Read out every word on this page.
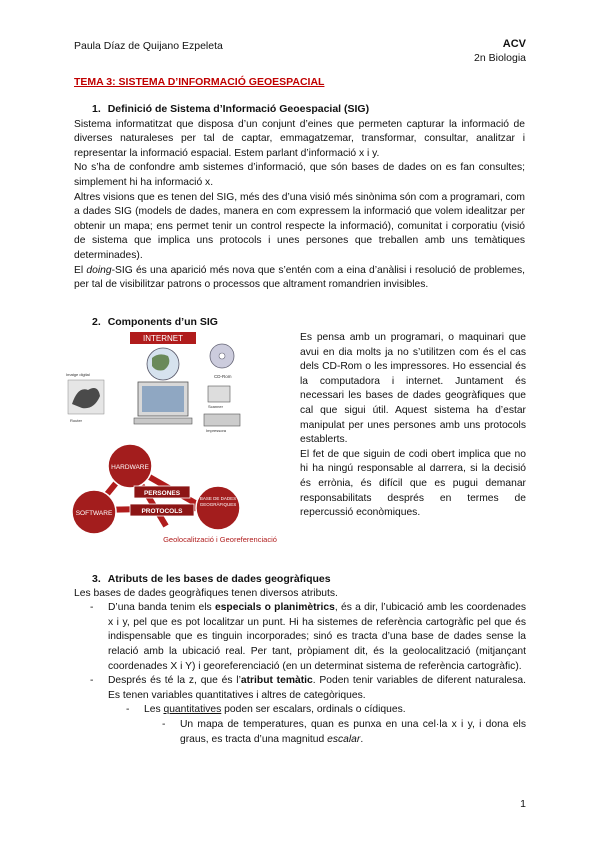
Paula Díaz de Quijano Ezpeleta	ACV
2n Biologia
TEMA 3: SISTEMA D’INFORMACIÓ GEOESPACIAL
1. Definició de Sistema d’Informació Geoespacial (SIG)

Sistema informatitzat que disposa d’un conjunt d’eines que permeten capturar la informació de diverses naturaleses per tal de captar, emmagatzemar, transformar, consultar, analitzar i representar la informació espacial. Estem parlant d’informació x i y.

No s’ha de confondre amb sistemes d’informació, que són bases de dades on es fan consultes; simplement hi ha informació x.

Altres visions que es tenen del SIG, més des d’una visió més sinònima són com a programari, com a dades SIG (models de dades, manera en com expressem la informació que volem idealitzar per obtenir un mapa; ens permet tenir un control respecte la informació), comunitat i corporatiu (visió de sistema que implica uns protocols i unes persones que treballen amb uns temàtiques determinades).

El doing-SIG és una aparició més nova que s’entén com a eina d’anàlisi i resolució de problemes, per tal de visibilitzar patrons o processos que altrament romandrien invisibles.

2. Components d’un SIG
INTERNET
CD-Rom
Imatge digital
Router
Scanner
Impressora
HARDWARE
SOFTWARE
BASE DE DADES GEOGRÀFIQUES
PERSONES
PROTOCOLS
Geolocalització i Georeferenciació

Es pensa amb un programari, o maquinari que avui en dia molts ja no s’utilitzen com és el cas dels CD-Rom o les impressores. Ho essencial és la computadora i internet. Juntament és necessari les bases de dades geogràfiques que cal que sigui útil. Aquest sistema ha d’estar manipulat per unes persones amb uns protocols establerts.

El fet de que siguin de codi obert implica que no hi ha ningú responsable al darrera, si la decisió és errònia, és difícil que es pugui demanar responsabilitats després en termes de repercussió econòmiques.

3. Atributs de les bases de dades geogràfiques

Les bases de dades geogràfiques tenen diversos atributs.

- D’una banda tenim els especials o planimètrics, és a dir, l’ubicació amb les coordenades x i y, pel que es pot localitzar un punt. Hi ha sistemes de referència cartogràfic pel que és indispensable que es tinguin incorporades; sinó es tracta d’una base de dades sense la relació amb la ubicació real. Per tant, pròpiament dit, és la geolocalització (mitjançant coordenades X i Y) i georeferenciació (en un determinat sistema de referència cartogràfic).
- Després és té la z, que és l’atribut temàtic. Poden tenir variables de diferent naturalesa. Es tenen variables quantitatives i altres de categòriques.
- Les quantitatives poden ser escalars, ordinals o cídiques.
- Un mapa de temperatures, quan es punxa en una cel·la x i y, i dona els graus, es tracta d’una magnitud escalar.
1
